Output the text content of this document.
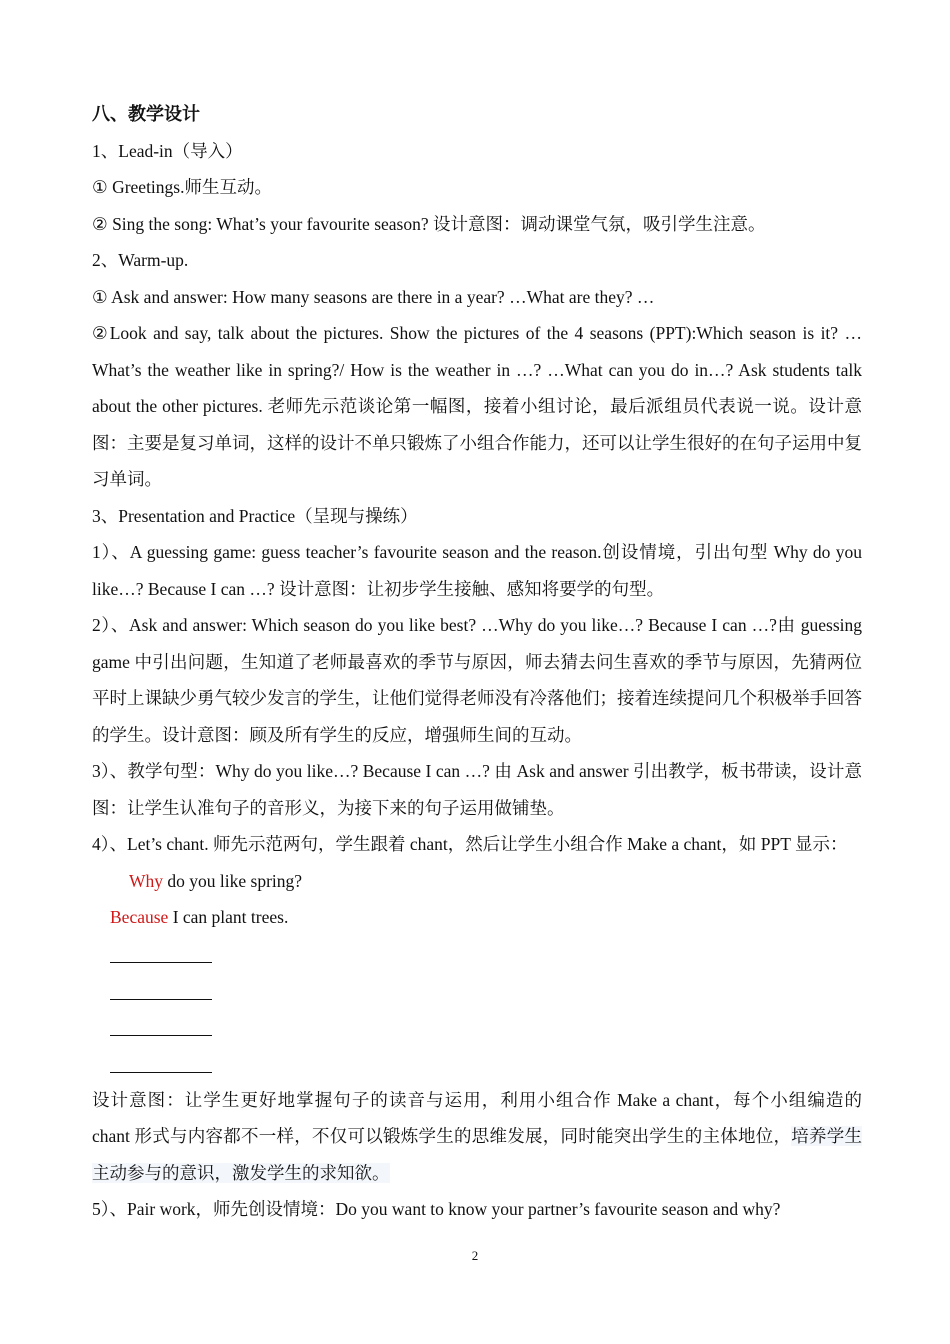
八、教学设计
1、Lead-in（导入）
① Greetings.师生互动。
② Sing the song: What’s your favourite season? 设计意图：调动课堂气氛，吸引学生注意。
2、Warm-up.
① Ask and answer: How many seasons are there in a year? …What are they? …
②Look and say, talk about the pictures. Show the pictures of the 4 seasons (PPT):Which season is it? …What’s the weather like in spring?/ How is the weather in …? …What can you do in…? Ask students talk about the other pictures. 老师先示范谈论第一幅图，接着小组讨论，最后派组员代表说一说。设计意图：主要是复习单词，这样的设计不单只锻炼了小组合作能力，还可以让学生很好的在句子运用中复习单词。
3、Presentation and Practice（呈现与操练）
1）、A guessing game: guess teacher’s favourite season and the reason.创设情境，引出句型 Why do you like…? Because I can …? 设计意图：让初步学生接触、感知将要学的句型。
2）、Ask and answer: Which season do you like best? …Why do you like…? Because I can …?由 guessing game 中引出问题，生知道了老师最喜欢的季节与原因，师去猜去问生喜欢的季节与原因，先猜两位平时上课缺少勇气较少发言的学生，让他们觉得老师没有冷落他们；接着连续提问几个积极举手回答的学生。设计意图：顾及所有学生的反应，增强师生间的互动。
3）、教学句型：Why do you like…? Because I can …? 由 Ask and answer 引出教学，板书带读，设计意图：让学生认准句子的音形义，为接下来的句子运用做铺垫。
4）、Let’s chant. 师先示范两句，学生跟着 chant，然后让学生小组合作 Make a chant，如 PPT 显示：
Why do you like spring?
Because I can plant trees.
设计意图：让学生更好地掌握句子的读音与运用，利用小组合作 Make a chant，每个小组编造的 chant 形式与内容都不一样，不仅可以锻炼学生的思维发展，同时能突出学生的主体地位，培养学生主动参与的意识，激发学生的求知欲。
5）、Pair work，师先创设情境：Do you want to know your partner’s favourite season and why?
2
